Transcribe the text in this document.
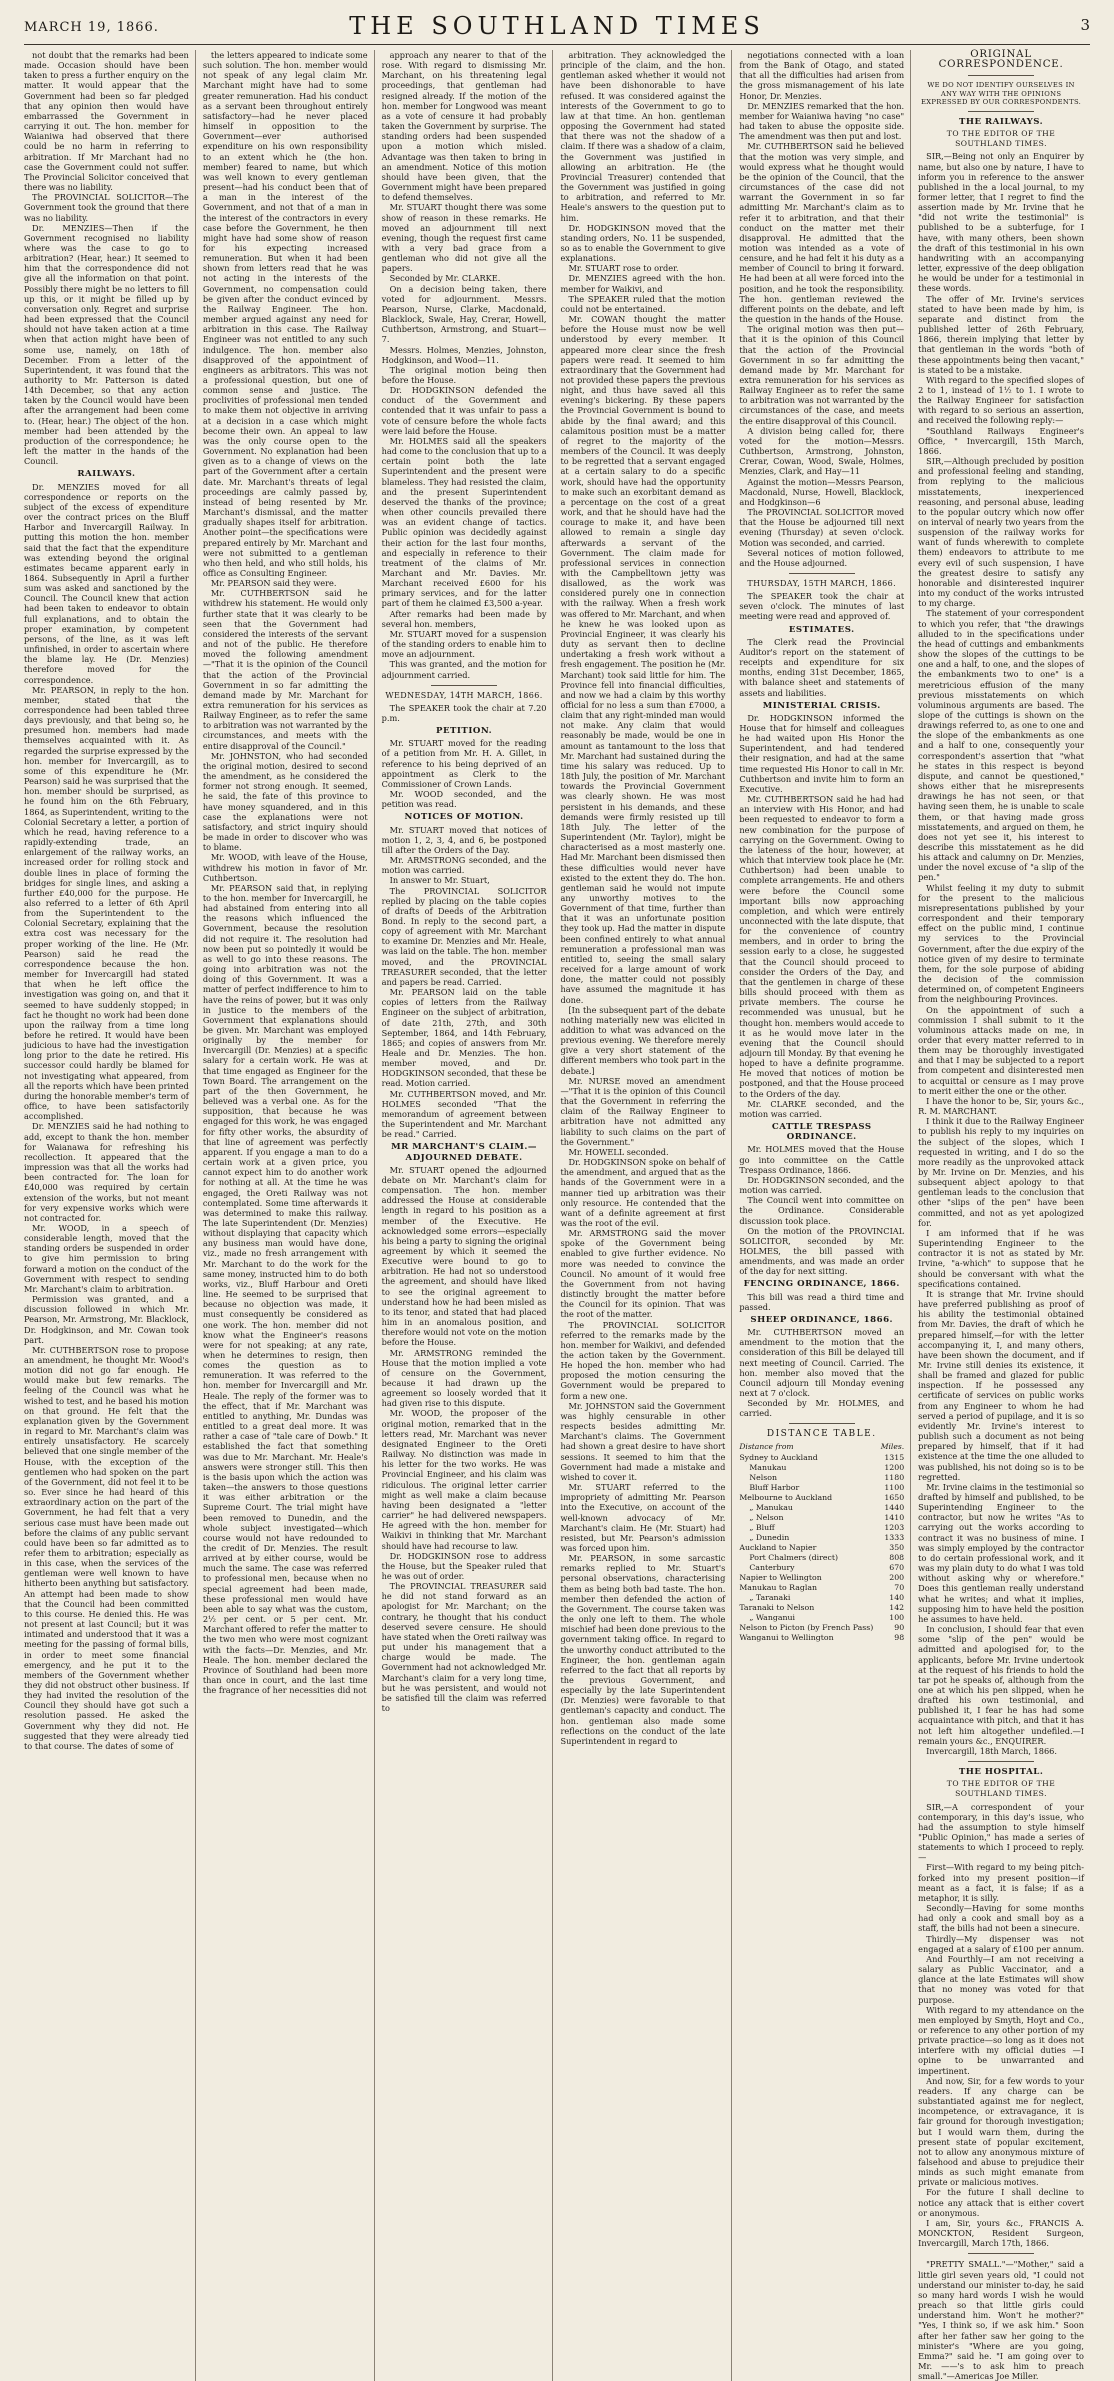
MARCH 19, 1866.	THE SOUTHLAND TIMES	3

not doubt that the remarks had been made. Occasion should have been taken to press a further enquiry on the matter. It would appear that the Government had been so far pledged that any opinion then would have embarrassed the Government in carrying it out. The hon. member for Waianiwa had observed that there could be no harm in referring to arbitration. If Mr Marchant had no case the Government could not suffer. The Provincial Solicitor conceived that there was no liability.

The PROVINCIAL SOLICITOR—The Government took the ground that there was no liability.

Dr. MENZIES—Then if the Government recognised no liability where was the case to go to arbitration? (Hear, hear.) It seemed to him that the correspondence did not give all the information on that point. Possibly there might be no letters to fill up this, or it might be filled up by conversation only. Regret and surprise had been expressed that the Council should not have taken action at a time when that action might have been of some use, namely, on 18th of December. From a letter of the Superintendent, it was found that the authority to Mr. Patterson is dated 14th December, so that any action taken by the Council would have been after the arrangement had been come to. (Hear, hear.) The object of the hon. member had been attended by the production of the correspondence; he left the matter in the hands of the Council.

RAILWAYS.

Dr. MENZIES moved for all correspondence or reports on the subject of the excess of expenditure over the contract prices on the Bluff Harbor and Invercargill Railway. In putting this motion the hon. member said that the fact that the expenditure was extending beyond the original estimates became apparent early in 1864. Subsequently in April a further sum was asked and sanctioned by the Council. The Council knew that action had been taken to endeavor to obtain full explanations, and to obtain the proper examination, by competent persons, of the line, as it was left unfinished, in order to ascertain where the blame lay. He (Dr. Menzies) therefore moved for the correspondence.

Mr. PEARSON, in reply to the hon. member, stated that the correspondence had been tabled three days previously, and that being so, he presumed hon. members had made themselves acquainted with it. As regarded the surprise expressed by the hon. member for Invercargill, as to some of this expenditure he (Mr. Pearson) said he was surprised that the hon. member should be surprised, as he found him on the 6th February, 1864, as Superintendent, writing to the Colonial Secretary a letter, a portion of which he read, having reference to a rapidly-extending trade, an enlargement of the railway works, an increased order for rolling stock and double lines in place of forming the bridges for single lines, and asking a further £40,000 for the purpose. He also referred to a letter of 6th April from the Superintendent to the Colonial Secretary, explaining that the extra cost was necessary for the proper working of the line. He (Mr. Pearson) said he read the correspondence because the hon. member for Invercargill had stated that when he left office the investigation was going on, and that it seemed to have suddenly stopped; in fact he thought no work had been done upon the railway from a time long before he retired. It would have been judicious to have had the investigation long prior to the date he retired. His successor could hardly be blamed for not investigating what appeared, from all the reports which have been printed during the honorable member's term of office, to have been satisfactorily accomplished.

Dr. MENZIES said he had nothing to add, except to thank the hon. member for Waianawa for refreshing his recollection. It appeared that the impression was that all the works had been contracted for. The loan for £40,000 was required by certain extension of the works, but not meant for very expensive works which were not contracted for.

Mr. WOOD, in a speech of considerable length, moved that the standing orders be suspended in order to give him permission to bring forward a motion on the conduct of the Government with respect to sending Mr. Marchant's claim to arbitration.

Permission was granted, and a discussion followed in which Mr. Pearson, Mr. Armstrong, Mr. Blacklock, Dr. Hodgkinson, and Mr. Cowan took part.

Mr. CUTHBERTSON rose to propose an amendment, he thought Mr. Wood's motion did not go far enough. He would make but few remarks. The feeling of the Council was what he wished to test, and he based his motion on that ground. He felt that the explanation given by the Government in regard to Mr. Marchant's claim was entirely unsatisfactory. He scarcely believed that one single member of the House, with the exception of the gentlemen who had spoken on the part of the Government, did not feel it to be so. Ever since he had heard of this extraordinary action on the part of the Government, he had felt that a very serious case must have been made out before the claims of any public servant could have been so far admitted as to refer them to arbitration; especially as in this case, when the services of the gentleman were well known to have hitherto been anything but satisfactory. An attempt had been made to show that the Council had been committed to this course. He denied this. He was not present at last Council; but it was intimated and understood that it was a meeting for the passing of formal bills, in order to meet some financial emergency, and he put it to the members of the Government whether they did not obstruct other business. If they had invited the resolution of the Council they should have got such a resolution passed. He asked the Government why they did not. He suggested that they were already tied to that course. The dates of some of

the letters appeared to indicate some such solution. The hon. member would not speak of any legal claim Mr. Marchant might have had to some greater remuneration. Had his conduct as a servant been throughout entirely satisfactory—had he never placed himself in opposition to the Government—ever authorised expenditure on his own responsibility to an extent which he (the hon. member) feared to name, but which was well known to every gentleman present—had his conduct been that of a man in the interest of the Government, and not that of a man in the interest of the contractors in every case before the Government, he then might have had some show of reason for his expecting increased remuneration. But when it had been shown from letters read that he was not acting in the interests of the Government, no compensation could be given after the conduct evinced by the Railway Engineer. The hon. member argued against any need for arbitration in this case. The Railway Engineer was not entitled to any such indulgence. The hon. member also disapproved of the appointment of engineers as arbitrators. This was not a professional question, but one of common sense and justice. The proclivities of professional men tended to make them not objective in arriving at a decision in a case which might become their own. An appeal to law was the only course open to the Government. No explanation had been given as to a change of views on the part of the Government after a certain date. Mr. Marchant's threats of legal proceedings are calmly passed by, instead of being resented by Mr. Marchant's dismissal, and the matter gradually shapes itself for arbitration. Another point—the specifications were prepared entirely by Mr. Marchant and were not submitted to a gentleman who then held, and who still holds, his office as Consulting Engineer.

Mr. PEARSON said they were.

Mr. CUTHBERTSON said he withdrew his statement. He would only further state that it was clearly to be seen that the Government had considered the interests of the servant and not of the public. He therefore moved the following amendment—"That it is the opinion of the Council that the action of the Provincial Government in so far admitting the demand made by Mr. Marchant for extra remuneration for his services as Railway Engineer, as to refer the same to arbitration was not warranted by the circumstances, and meets with the entire disapproval of the Council."

Mr. JOHNSTON, who had seconded the original motion, desired to second the amendment, as he considered the former not strong enough. It seemed, he said, the fate of this province to have money squandered, and in this case the explanations were not satisfactory, and strict inquiry should be made in order to discover who was to blame.

Mr. WOOD, with leave of the House, withdrew his motion in favor of Mr. Cuthbertson.

Mr. PEARSON said that, in replying to the hon. member for Invercargill, he had abstained from entering into all the reasons which influenced the Government, because the resolution did not require it. The resolution had now been put so pointedly it would be as well to go into these reasons. The going into arbitration was not the doing of this Government. It was a matter of perfect indifference to him to have the reins of power, but it was only in justice to the members of the Government that explanations should be given. Mr. Marchant was employed originally by the member for Invercargill (Dr. Menzies) at a specific salary for a certain work. He was at that time engaged as Engineer for the Town Board. The arrangement on the part of the then Government, he believed was a verbal one. As for the supposition, that because he was engaged for this work, he was engaged for fifty other works, the absurdity of that line of agreement was perfectly apparent. If you engage a man to do a certain work at a given price, you cannot expect him to do another work for nothing at all. At the time he was engaged, the Oreti Railway was not contemplated. Some time afterwards it was determined to make this railway. The late Superintendent (Dr. Menzies) without displaying that capacity which any business man would have done, viz., made no fresh arrangement with Mr. Marchant to do the work for the same money, instructed him to do both works, viz., Bluff Harbour and Oreti line. He seemed to be surprised that because no objection was made, it must consequently be considered as one work. The hon. member did not know what the Engineer's reasons were for not speaking; at any rate, when he determines to resign, then comes the question as to remuneration. It was referred to the hon. member for Invercargill and Mr. Heale. The reply of the former was to the effect, that if Mr. Marchant was entitled to anything, Mr. Dundas was entitled to a great deal more. It was rather a case of "tale care of Dowb." It established the fact that something was due to Mr. Marchant. Mr. Heale's answers were stronger still. This then is the basis upon which the action was taken—the answers to those questions it was either arbitration or the Supreme Court. The trial might have been removed to Dunedin, and the whole subject investigated—which course would not have redounded to the credit of Dr. Menzies. The result arrived at by either course, would be much the same. The case was referred to professional men, because when no special agreement had been made, these professional men would have been able to say what was the custom, 2½ per cent. or 5 per cent. Mr. Marchant offered to refer the matter to the two men who were most cognizant with the facts—Dr. Menzies, and Mr. Heale. The hon. member declared the Province of Southland had been more than once in court, and the last time the fragrance of her necessities did not

approach any nearer to that of the rose. With regard to dismissing Mr. Marchant, on his threatening legal proceedings, that gentleman had resigned already. If the motion of the hon. member for Longwood was meant as a vote of censure it had probably taken the Government by surprise. The standing orders had been suspended upon a motion which misled. Advantage was then taken to bring in an amendment. Notice of this motion should have been given, that the Government might have been prepared to defend themselves.

Mr. STUART thought there was some show of reason in these remarks. He moved an adjournment till next evening, though the request first came with a very bad grace from a gentleman who did not give all the papers.

Seconded by Mr. CLARKE.

On a decision being taken, there voted for adjournment. Messrs. Pearson, Nurse, Clarke, Macdonald, Blacklock, Swale, Hay, Crerar, Howell, Cuthbertson, Armstrong, and Stuart—7.

Messrs. Holmes, Menzies, Johnston, Hodgkinson, and Wood—11.

The original motion being then before the House.

Dr. HODGKINSON defended the conduct of the Government and contended that it was unfair to pass a vote of censure before the whole facts were laid before the House.

Mr. HOLMES said all the speakers had come to the conclusion that up to a certain point both the late Superintendent and the present were blameless. They had resisted the claim, and the present Superintendent deserved the thanks of the province; when other councils prevailed there was an evident change of tactics. Public opinion was decidedly against their action for the last four months, and especially in reference to their treatment of the claims of Mr. Marchant and Mr. Davies. Mr. Marchant received £600 for his primary services, and for the latter part of them he claimed £3,500 a-year.

After remarks had been made by several hon. members,

Mr. STUART moved for a suspension of the standing orders to enable him to move an adjournment.

This was granted, and the motion for adjournment carried.

WEDNESDAY, 14TH MARCH, 1866.

The SPEAKER took the chair at 7.20 p.m.

PETITION.

Mr. STUART moved for the reading of a petition from Mr. H. A. Gillet, in reference to his being deprived of an appointment as Clerk to the Commissioner of Crown Lands.

Mr. WOOD seconded, and the petition was read.

NOTICES OF MOTION.

Mr. STUART moved that notices of motion 1, 2, 3, 4, and 6, be postponed till after the Orders of the Day.

Mr. ARMSTRONG seconded, and the motion was carried.

In answer to Mr. Stuart,

The PROVINCIAL SOLICITOR replied by placing on the table copies of drafts of Deeds of the Arbitration Bond. In reply to the second part, a copy of agreement with Mr. Marchant to examine Dr. Menzies and Mr. Heale, was laid on the table. The hon. member moved, and the PROVINCIAL TREASURER seconded, that the letter and papers be read. Carried.

Mr. PEARSON laid on the table copies of letters from the Railway Engineer on the subject of arbitration, of date 21th, 27th, and 30th September, 1864, and 14th February, 1865; and copies of answers from Mr. Heale and Dr. Menzies. The hon. member moved, and Dr. HODGKINSON seconded, that these be read. Motion carried.

Mr. CUTHBERTSON moved, and Mr. HOLMES seconded "That the memorandum of agreement between the Superintendent and Mr. Marchant be read." Carried.

MR MARCHANT'S CLAIM.—ADJOURNED DEBATE.

Mr. STUART opened the adjourned debate on Mr. Marchant's claim for compensation. The hon. member addressed the House at considerable length in regard to his position as a member of the Executive. He acknowledged some errors—especially his being a party to signing the original agreement by which it seemed the Executive were bound to go to arbitration. He had not so understood the agreement, and should have liked to see the original agreement to understand how he had been misled as to its tenor, and stated that had placed him in an anomalous position, and therefore would not vote on the motion before the House.

Mr. ARMSTRONG reminded the House that the motion implied a vote of censure on the Government, because it had drawn up the agreement so loosely worded that it had given rise to this dispute.

Mr. WOOD, the proposer of the original motion, remarked that in the letters read, Mr. Marchant was never designated Engineer to the Oreti Railway. No distinction was made in his letter for the two works. He was Provincial Engineer, and his claim was ridiculous. The original letter carrier might as well make a claim because having been designated a "letter carrier" he had delivered newspapers. He agreed with the hon. member for Waikivi in thinking that Mr. Marchant should have had recourse to law.

Dr. HODGKINSON rose to address the House, but the Speaker ruled that he was out of order.

The PROVINCIAL TREASURER said he did not stand forward as an apologist for Mr. Marchant; on the contrary, he thought that his conduct deserved severe censure. He should have stated when the Oreti railway was put under his management that a charge would be made. The Government had not acknowledged Mr. Marchant's claim for a very long time, but he was persistent, and would not be satisfied till the claim was referred to

arbitration. They acknowledged the principle of the claim, and the hon. gentleman asked whether it would not have been dishonorable to have refused. It was considered against the interests of the Government to go to law at that time. An hon. gentleman opposing the Government had stated that there was not the shadow of a claim. If there was a shadow of a claim, the Government was justified in allowing an arbitration. He (the Provincial Treasurer) contended that the Government was justified in going to arbitration, and referred to Mr. Heale's answers to the question put to him.

Dr. HODGKINSON moved that the standing orders, No. 11 be suspended, so as to enable the Government to give explanations.

Mr. STUART rose to order.

Dr. MENZIES agreed with the hon. member for Waikivi, and

The SPEAKER ruled that the motion could not be entertained.

Mr. COWAN thought the matter before the House must now be well understood by every member. It appeared more clear since the fresh papers were read. It seemed to him extraordinary that the Government had not provided these papers the previous night, and thus have saved all this evening's bickering. By these papers the Provincial Government is bound to abide by the final award; and this calamitous position must be a matter of regret to the majority of the members of the Council. It was deeply to be regretted that a servant engaged at a certain salary to do a specific work, should have had the opportunity to make such an exorbitant demand as a percentage on the cost of a great work, and that he should have had the courage to make it, and have been allowed to remain a single day afterwards a servant of the Government. The claim made for professional services in connection with the Campbelltown jetty was disallowed, as the work was considered purely one in connection with the railway. When a fresh work was offered to Mr. Marchant, and when he knew he was looked upon as Provincial Engineer, it was clearly his duty as servant then to decline undertaking a fresh work without a fresh engagement. The position he (Mr. Marchant) took said little for him. The Province fell into financial difficulties, and now we had a claim by this worthy official for no less a sum than £7000, a claim that any right-minded man would not make. Any claim that would reasonably be made, would be one in amount as tantamount to the loss that Mr. Marchant had sustained during the time his salary was reduced. Up to 18th July, the position of Mr. Marchant towards the Provincial Government was clearly shown. He was most persistent in his demands, and these demands were firmly resisted up till 18th July. The letter of the Superintendent (Mr. Taylor), might be characterised as a most masterly one. Had Mr. Marchant been dismissed then these difficulties would never have existed to the extent they do. The hon. gentleman said he would not impute any unworthy motives to the Government of that time, further than that it was an unfortunate position they took up. Had the matter in dispute been confined entirely to what annual remuneration a professional man was entitled to, seeing the small salary received for a large amount of work done, the matter could not possibly have assumed the magnitude it has done.

[In the subsequent part of the debate nothing materially new was elicited in addition to what was advanced on the previous evening. We therefore merely give a very short statement of the different members who took part in the debate.]

Mr. NURSE moved an amendment—"That it is the opinion of this Council that the Government in referring the claim of the Railway Engineer to arbitration have not admitted any liability to such claims on the part of the Government."

Mr. HOWELL seconded.

Dr. HODGKINSON spoke on behalf of the amendment, and argued that as the hands of the Government were in a manner tied up arbitration was their only resource. He contended that the want of a definite agreement at first was the root of the evil.

Mr. ARMSTRONG said the mover spoke of the Government being enabled to give further evidence. No more was needed to convince the Council. No amount of it would free the Government from not having distinctly brought the matter before the Council for its opinion. That was the root of the matter.

The PROVINCIAL SOLICITOR referred to the remarks made by the hon. member for Waikivi, and defended the action taken by the Government. He hoped the hon. member who had proposed the motion censuring the Government would be prepared to form a new one.

Mr. JOHNSTON said the Government was highly censurable in other respects besides admitting Mr. Marchant's claims. The Government had shown a great desire to have short sessions. It seemed to him that the Government had made a mistake and wished to cover it.

Mr. STUART referred to the impropriety of admitting Mr. Pearson into the Executive, on account of the well-known advocacy of Mr. Marchant's claim. He (Mr. Stuart) had resisted, but Mr. Pearson's admission was forced upon him.

Mr. PEARSON, in some sarcastic remarks replied to Mr. Stuart's personal observations, characterising them as being both bad taste. The hon. member then defended the action of the Government. The course taken was the only one left to them. The whole mischief had been done previous to the government taking office. In regard to the unworthy conduct attributed to the Engineer, the hon. gentleman again referred to the fact that all reports by the previous Government, and especially by the late Superintendent (Dr. Menzies) were favorable to that gentleman's capacity and conduct. The hon. gentleman also made some reflections on the conduct of the late Superintendent in regard to

negotiations connected with a loan from the Bank of Otago, and stated that all the difficulties had arisen from the gross mismanagement of his late Honor, Dr. Menzies.

Dr. MENZIES remarked that the hon. member for Waianiwa having "no case" had taken to abuse the opposite side. The amendment was then put and lost.

Mr. CUTHBERTSON said he believed that the motion was very simple, and would express what he thought would be the opinion of the Council, that the circumstances of the case did not warrant the Government in so far admitting Mr. Marchant's claim as to refer it to arbitration, and that their conduct on the matter met their disapproval. He admitted that the motion was intended as a vote of censure, and he had felt it his duty as a member of Council to bring it forward. He had been at all were forced into the position, and he took the responsibility. The hon. gentleman reviewed the different points on the debate, and left the question in the hands of the House.

The original motion was then put—that it is the opinion of this Council that the action of the Provincial Government in so far admitting the demand made by Mr. Marchant for extra remuneration for his services as Railway Engineer as to refer the same to arbitration was not warranted by the circumstances of the case, and meets the entire disapproval of this Council.

A division being called for, there voted for the motion—Messrs. Cuthbertson, Armstrong, Johnston, Crerar, Cowan, Wood, Swale, Holmes, Menzies, Clark, and Hay—11

Against the motion—Messrs Pearson, Macdonald, Nurse, Howell, Blacklock, and Hodgkinson—6

The PROVINCIAL SOLICITOR moved that the House be adjourned till next evening (Thursday) at seven o'clock. Motion was seconded, and carried.

Several notices of motion followed, and the House adjourned.

THURSDAY, 15TH MARCH, 1866.

The SPEAKER took the chair at seven o'clock. The minutes of last meeting were read and approved of.

ESTIMATES.

The Clerk read the Provincial Auditor's report on the statement of receipts and expenditure for six months, ending 31st December, 1865, with balance sheet and statements of assets and liabilities.

MINISTERIAL CRISIS.

Dr. HODGKINSON informed the House that for himself and colleagues he had waited upon His Honor the Superintendent, and had tendered their resignation, and had at the same time requested His Honor to call in Mr. Cuthbertson and invite him to form an Executive.

Mr. CUTHBERTSON said he had had an interview with His Honor, and had been requested to endeavor to form a new combination for the purpose of carrying on the Government. Owing to the lateness of the hour, however, at which that interview took place he (Mr. Cuthbertson) had been unable to complete arrangements. He and others were before the Council some important bills now approaching completion, and which were entirely unconnected with the late dispute, that for the convenience of country members, and in order to bring the session early to a close, he suggested that the Council should proceed to consider the Orders of the Day, and that the gentlemen in charge of these bills should proceed with them as private members. The course he recommended was unusual, but he thought hon. members would accede to it as he would move later in the evening that the Council should adjourn till Monday. By that evening he hoped to have a definite programme. He moved that notices of motion be postponed, and that the House proceed to the Orders of the day.

Mr. CLARKE seconded, and the motion was carried.

CATTLE TRESPASS ORDINANCE.

Mr. HOLMES moved that the House go into committee on the Cattle Trespass Ordinance, 1866.

Dr. HODGKINSON seconded, and the motion was carried.

The Council went into committee on the Ordinance. Considerable discussion took place.

On the motion of the PROVINCIAL SOLICITOR, seconded by Mr. HOLMES, the bill passed with amendments, and was made an order of the day for next sitting.

FENCING ORDINANCE, 1866.

This bill was read a third time and passed.

SHEEP ORDINANCE, 1866.

Mr. CUTHBERTSON moved an amendment to the motion that the consideration of this Bill be delayed till next meeting of Council. Carried. The hon. member also moved that the Council adjourn till Monday evening next at 7 o'clock.

Seconded by Mr. HOLMES, and carried.

DISTANCE TABLE.
Distance from	Miles.
Sydney to Auckland	1315
Manukau	1200
Nelson	1180
Bluff Harbor	1100
Melbourne to Auckland	1650
„ Manukau	1440
„ Nelson	1410
„ Bluff	1203
„ Dunedin	1333
Auckland to Napier	350
Port Chalmers (direct)	808
Canterbury	670
Napier to Wellington	200
Manukau to Raglan	70
„ Taranaki	140
Taranaki to Nelson	142
„ Wanganui	100
Nelson to Picton (by French Pass)	90
Wanganui to Wellington	98
ORIGINAL CORRESPONDENCE.
WE DO NOT IDENTIFY OURSELVES IN ANY WAY WITH THE OPINIONS EXPRESSED BY OUR CORRESPONDENTS.
THE RAILWAYS.
TO THE EDITOR OF THE SOUTHLAND TIMES.

SIR,—Being not only an Enquirer by name, but also one by nature, I have to inform you in reference to the answer published in the a local journal, to my former letter, that I regret to find the assertion made by Mr. Irvine that he "did not write the testimonial" is published to be a subterfuge, for I have, with many others, been shown the draft of this testimonial in his own handwriting with an accompanying letter, expressive of the deep obligation he would be under for a testimonial in these words.

The offer of Mr. Irvine's services stated to have been made by him, is separate and distinct from the published letter of 26th February, 1866, therein implying that letter by that gentleman in the words "both of these appointments being then vacant," is stated to be a mistake.

With regard to the specified slopes of 2 to 1, instead of 1½ to 1. I wrote to the Railway Engineer for satisfaction with regard to so serious an assertion, and received the following reply:—

"Southland Railways Engineer's Office, " Invercargill, 15th March, 1866.

SIR,—Although precluded by position and professional feeling and standing, from replying to the malicious misstatements, inexperienced reasoning, and personal abuse, leading to the popular outcry which now offer on interval of nearly two years from the suspension of the railway works for want of funds wherewith to complete them) endeavors to attribute to me every evil of such suspension, I have the greatest desire to satisfy any honorable and disinterested inquirer into my conduct of the works intrusted to my charge.

The statement of your correspondent to which you refer, that "the drawings alluded to in the specifications under the head of cuttings and embankments show the slopes of the cuttings to be one and a half, to one, and the slopes of the embankments two to one" is a meretricious effusion of the many previous misstatements on which voluminous arguments are based. The slope of the cuttings is shown on the drawings referred to, as one to one and the slope of the embankments as one and a half to one, consequently your correspondent's assertion that "what he states in this respect is beyond dispute, and cannot be questioned," shows either that he misrepresents drawings he has not seen, or that having seen them, he is unable to scale them, or that having made gross misstatements, and argued on them, he does not yet see it, his interest to describe this misstatement as he did his attack and calumny on Dr. Menzies, under the novel excuse of "a slip of the pen."

Whilst feeling it my duty to submit for the present to the malicious misrepresentations published by your correspondent and their temporary effect on the public mind, I continue my services to the Provincial Government, after the due expiry of the notice given of my desire to terminate them, for the sole purpose of abiding the decision of the commission determined on, of competent Engineers from the neighbouring Provinces.

On the appointment of such a commission I shall submit to it the voluminous attacks made on me, in order that every matter referred to in them may be thoroughly investigated and that I may be subjected to a report from competent and disinterested men to acquittal or censure as I may prove to merit either the one or the other.

I have the honor to be, Sir, yours &c., R. M. MARCHANT.

I think it due to the Railway Engineer to publish his reply to my inquiries on the subject of the slopes, which I requested in writing, and I do so the more readily as the unprovoked attack by Mr. Irvine on Dr. Menzies, and his subsequent abject apology to that gentleman leads to the conclusion that other "slips of the pen" have been committed, and not as yet apologized for.

I am informed that if he was Superintending Engineer to the contractor it is not as stated by Mr. Irvine, "a-which" to suppose that he should be conversant with what the specifications contained.

It is strange that Mr. Irvine should have preferred publishing as proof of his ability the testimonial obtained from Mr. Davies, the draft of which he prepared himself,—for with the letter accompanying it, I, and many others, have been shown the document, and if Mr. Irvine still denies its existence, it shall be framed and glazed for public inspection. If he possessed any certificate of services on public works from any Engineer to whom he had served a period of pupilage, and it is so evidently Mr. Irvine's interest to publish such a document as not being prepared by himself, that if it had existence at the time the one alluded to was published, his not doing so is to be regretted.

Mr. Irvine claims in the testimonial so drafted by himself and published, to be Superintending Engineer to the contractor, but now he writes "As to carrying out the works according to contract it was no business of mine. I was simply employed by the contractor to do certain professional work, and it was my plain duty to do what I was told without asking why or wherefore." Does this gentleman really understand what he writes; and what it implies, supposing him to have held the position he assumes to have held.

In conclusion, I should fear that even some "slip of the pen" would be admitted and apologised for, to the applicants, before Mr. Irvine undertook at the request of his friends to hold the tar pot he speaks of, although from the one at which his pen slipped, when he drafted his own testimonial, and published it, I fear he has had some acquaintance with pitch, and that it has not left him altogether undefiled.—I remain yours &c., ENQUIRER.

Invercargill, 18th March, 1866.

THE HOSPITAL.
TO THE EDITOR OF THE SOUTHLAND TIMES.

SIR,—A correspondent of your contemporary, in this day's issue, who had the assumption to style himself "Public Opinion," has made a series of statements to which I proceed to reply.—

First—With regard to my being pitch-forked into my present position—if meant as a fact, it is false; if as a metaphor, it is silly.

Secondly—Having for some months had only a cook and small boy as a staff, the bills had not been a sinecure.

Thirdly—My dispenser was not engaged at a salary of £100 per annum.

And Fourthly—I am not receiving a salary as Public Vaccinator, and a glance at the late Estimates will show that no money was voted for that purpose.

With regard to my attendance on the men employed by Smyth, Hoyt and Co., or reference to any other portion of my private practice—so long as it does not interfere with my official duties —I opine to be unwarranted and impertinent.

And now, Sir, for a few words to your readers. If any charge can be substantiated against me for neglect, incompetence, or extravagance, it is fair ground for thorough investigation; but I would warn them, during the present state of popular excitement, not to allow any anonymous mixture of falsehood and abuse to prejudice their minds as such might emanate from private or malicious motives.

For the future I shall decline to notice any attack that is either covert or anonymous.

I am, Sir, yours &c., FRANCIS A. MONCKTON, Resident Surgeon, Invercargill, March 17th, 1866.

"PRETTY SMALL."—"Mother," said a little girl seven years old, "I could not understand our minister to-day, he said so many hard words I wish he would preach so that little girls could understand him. Won't he mother?" "Yes, I think so, if we ask him." Soon after her father saw her going to the minister's "Where are you going, Emma?" said he. "I am going over to Mr. ——'s to ask him to preach small."—Americas Joe Miller.
